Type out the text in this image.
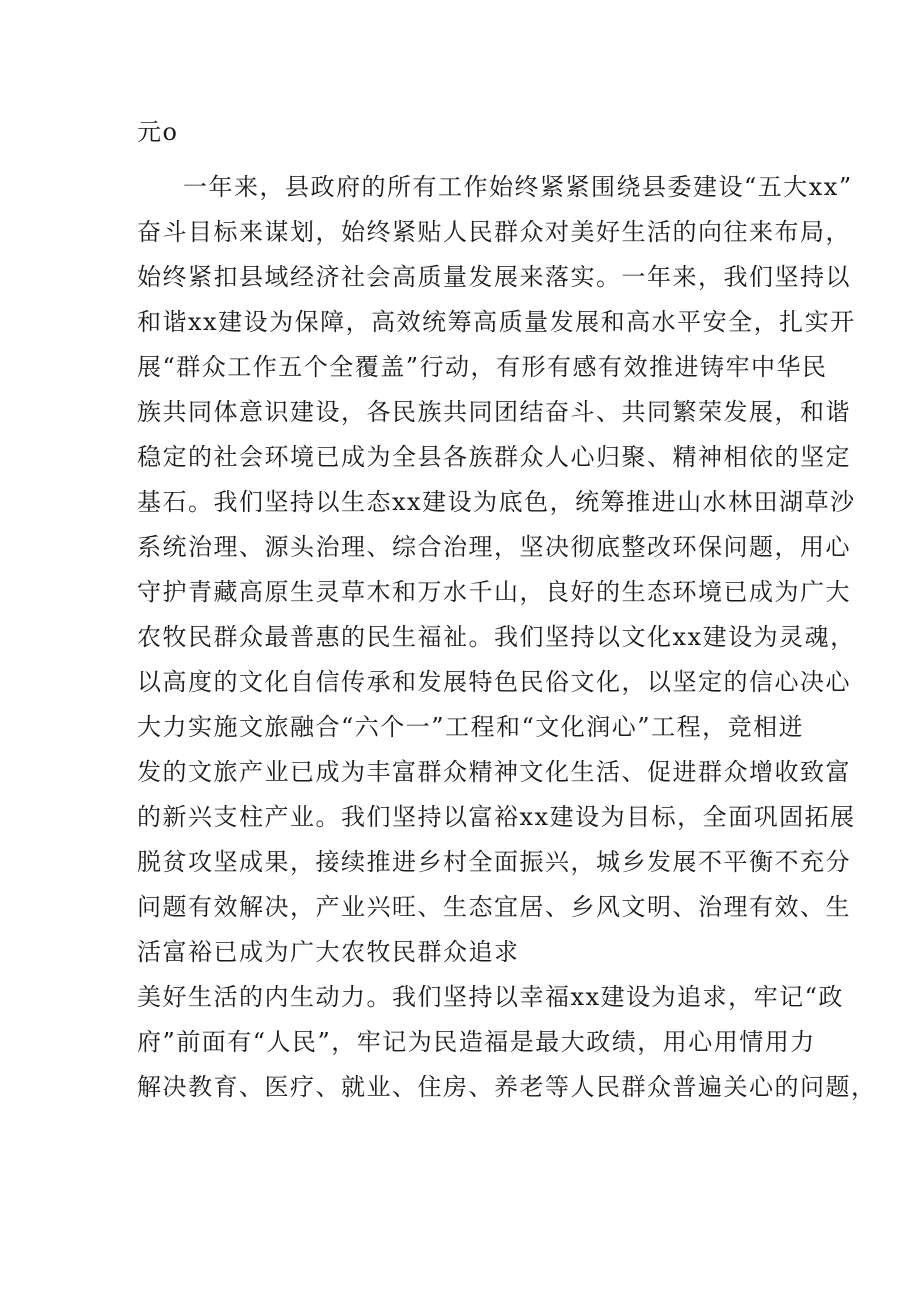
元o
一年来，县政府的所有工作始终紧紧围绕县委建设“五大xx”
奋斗目标来谋划，始终紧贴人民群众对美好生活的向往来布局，
始终紧扣县域经济社会高质量发展来落实。一年来，我们坚持以
和谐xx建设为保障，高效统筹高质量发展和高水平安全，扎实开
展“群众工作五个全覆盖”行动，有形有感有效推进铸牢中华民
族共同体意识建设，各民族共同团结奋斗、共同繁荣发展，和谐
稳定的社会环境已成为全县各族群众人心归聚、精神相依的坚定
基石。我们坚持以生态xx建设为底色，统筹推进山水林田湖草沙
系统治理、源头治理、综合治理，坚决彻底整改环保问题，用心
守护青藏高原生灵草木和万水千山，良好的生态环境已成为广大
农牧民群众最普惠的民生福祉。我们坚持以文化xx建设为灵魂，
以高度的文化自信传承和发展特色民俗文化，以坚定的信心决心
大力实施文旅融合“六个一”工程和“文化润心”工程，竞相迸
发的文旅产业已成为丰富群众精神文化生活、促进群众增收致富
的新兴支柱产业。我们坚持以富裕xx建设为目标，全面巩固拓展
脱贫攻坚成果，接续推进乡村全面振兴，城乡发展不平衡不充分
问题有效解决，产业兴旺、生态宜居、乡风文明、治理有效、生
活富裕已成为广大农牧民群众追求
美好生活的内生动力。我们坚持以幸福xx建设为追求，牢记“政
府”前面有“人民”，牢记为民造福是最大政绩，用心用情用力
解决教育、医疗、就业、住房、养老等人民群众普遍关心的问题，
